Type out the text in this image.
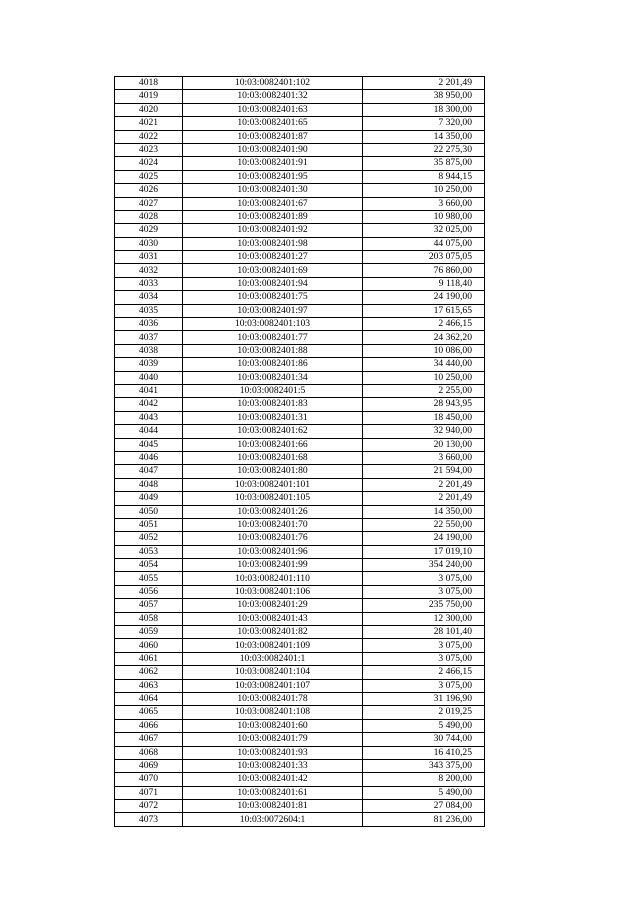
4018	10:03:0082401:102	2 201,49
4019	10:03:0082401:32	38 950,00
4020	10:03:0082401:63	18 300,00
4021	10:03:0082401:65	7 320,00
4022	10:03:0082401:87	14 350,00
4023	10:03:0082401:90	22 275,30
4024	10:03:0082401:91	35 875,00
4025	10:03:0082401:95	8 944,15
4026	10:03:0082401:30	10 250,00
4027	10:03:0082401:67	3 660,00
4028	10:03:0082401:89	10 980,00
4029	10:03:0082401:92	32 025,00
4030	10:03:0082401:98	44 075,00
4031	10:03:0082401:27	203 075,05
4032	10:03:0082401:69	76 860,00
4033	10:03:0082401:94	9 118,40
4034	10:03:0082401:75	24 190,00
4035	10:03:0082401:97	17 615,65
4036	10:03:0082401:103	2 466,15
4037	10:03:0082401:77	24 362,20
4038	10:03:0082401:88	10 086,00
4039	10:03:0082401:86	34 440,00
4040	10:03:0082401:34	10 250,00
4041	10:03:0082401:5	2 255,00
4042	10:03:0082401:83	28 943,95
4043	10:03:0082401:31	18 450,00
4044	10:03:0082401:62	32 940,00
4045	10:03:0082401:66	20 130,00
4046	10:03:0082401:68	3 660,00
4047	10:03:0082401:80	21 594,00
4048	10:03:0082401:101	2 201,49
4049	10:03:0082401:105	2 201,49
4050	10:03:0082401:26	14 350,00
4051	10:03:0082401:70	22 550,00
4052	10:03:0082401:76	24 190,00
4053	10:03:0082401:96	17 019,10
4054	10:03:0082401:99	354 240,00
4055	10:03:0082401:110	3 075,00
4056	10:03:0082401:106	3 075,00
4057	10:03:0082401:29	235 750,00
4058	10:03:0082401:43	12 300,00
4059	10:03:0082401:82	28 101,40
4060	10:03:0082401:109	3 075,00
4061	10:03:0082401:1	3 075,00
4062	10:03:0082401:104	2 466,15
4063	10:03:0082401:107	3 075,00
4064	10:03:0082401:78	31 196,90
4065	10:03:0082401:108	2 019,25
4066	10:03:0082401:60	5 490,00
4067	10:03:0082401:79	30 744,00
4068	10:03:0082401:93	16 410,25
4069	10:03:0082401:33	343 375,00
4070	10:03:0082401:42	8 200,00
4071	10:03:0082401:61	5 490,00
4072	10:03:0082401:81	27 084,00
4073	10:03:0072604:1	81 236,00
